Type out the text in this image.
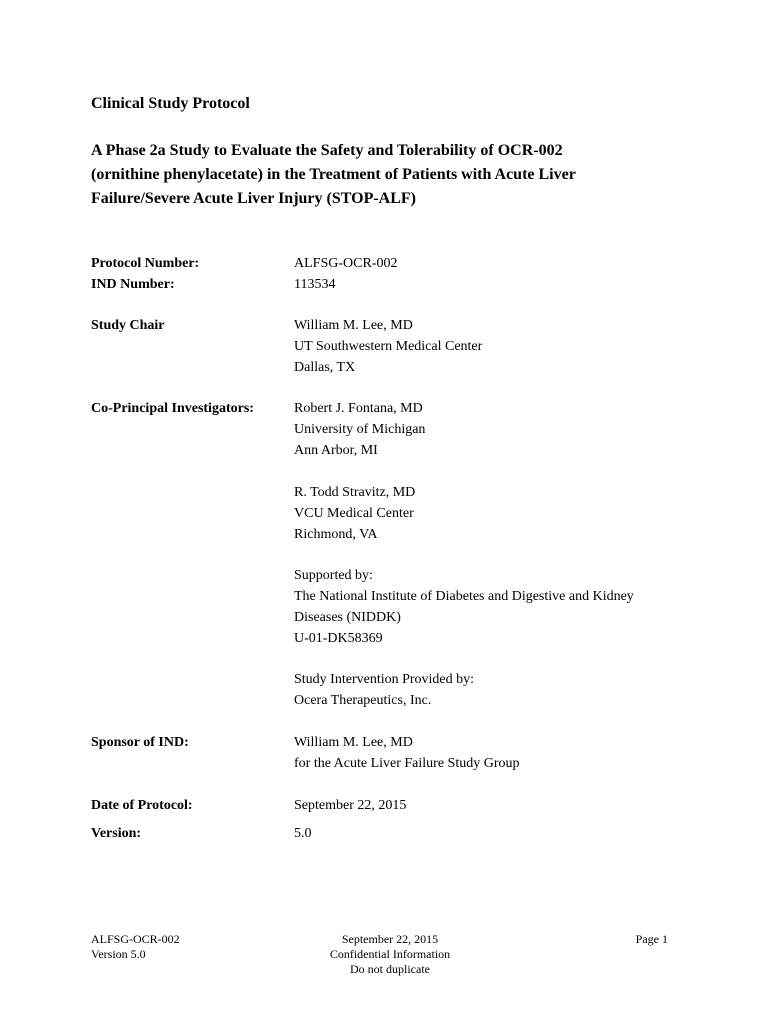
Clinical Study Protocol
A Phase 2a Study to Evaluate the Safety and Tolerability of OCR-002
(ornithine phenylacetate) in the Treatment of Patients with Acute Liver
Failure/Severe Acute Liver Injury (STOP-ALF)
Protocol Number:	ALFSG-OCR-002
IND Number:	113534
Study Chair	William M. Lee, MD
UT Southwestern Medical Center
Dallas, TX
Co-Principal Investigators:	Robert J. Fontana, MD
University of Michigan
Ann Arbor, MI
R. Todd Stravitz, MD
VCU Medical Center
Richmond, VA
Supported by:
The National Institute of Diabetes and Digestive and Kidney
Diseases (NIDDK)
U-01-DK58369
Study Intervention Provided by:
Ocera Therapeutics, Inc.
Sponsor of IND:	William M. Lee, MD
for the Acute Liver Failure Study Group
Date of Protocol:	September 22, 2015
Version:	5.0
ALFSG-OCR-002
Version 5.0
September 22, 2015
Confidential Information
Do not duplicate
Page 1
